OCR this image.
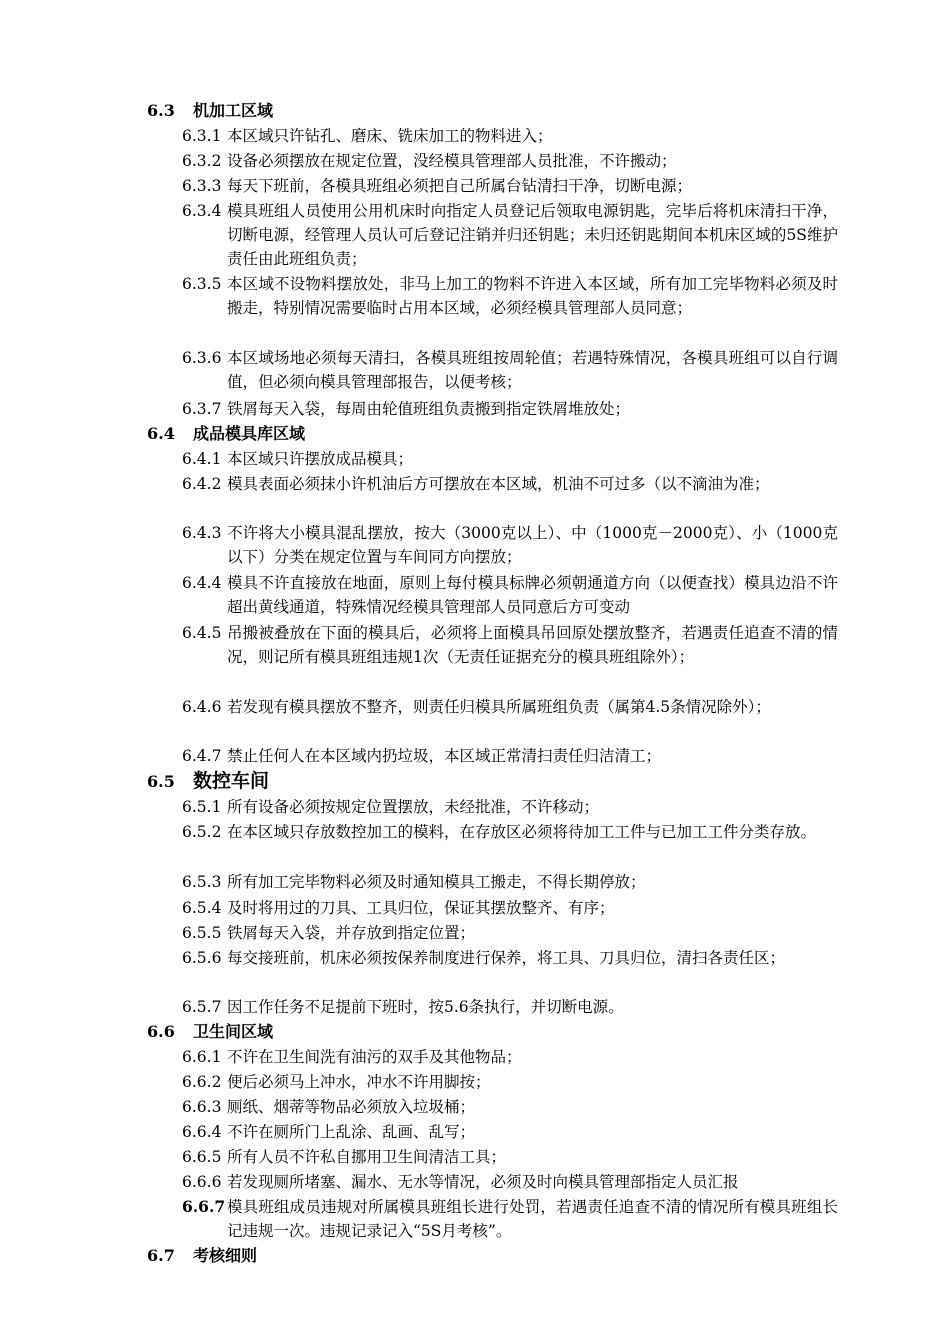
6.3 机加工区域
6.3.1 本区域只许钻孔、磨床、铣床加工的物料进入；
6.3.2 设备必须摆放在规定位置，没经模具管理部人员批准，不许搬动；
6.3.3 每天下班前，各模具班组必须把自己所属台钻清扫干净，切断电源；
6.3.4 模具班组人员使用公用机床时向指定人员登记后领取电源钥匙，完毕后将机床清扫干净，切断电源，经管理人员认可后登记注销并归还钥匙；未归还钥匙期间本机床区域的5S维护责任由此班组负责；
6.3.5 本区域不设物料摆放处，非马上加工的物料不许进入本区域，所有加工完毕物料必须及时搬走，特别情况需要临时占用本区域，必须经模具管理部人员同意；
6.3.6 本区域场地必须每天清扫，各模具班组按周轮值；若遇特殊情况，各模具班组可以自行调值，但必须向模具管理部报告，以便考核；
6.3.7 铁屑每天入袋，每周由轮值班组负责搬到指定铁屑堆放处；
6.4 成品模具库区域
6.4.1 本区域只许摆放成品模具；
6.4.2 模具表面必须抹小许机油后方可摆放在本区域，机油不可过多（以不滴油为准；
6.4.3 不许将大小模具混乱摆放，按大（3000克以上）、中（1000克－2000克）、小（1000克以下）分类在规定位置与车间同方向摆放；
6.4.4 模具不许直接放在地面，原则上每付模具标牌必须朝通道方向（以便查找）模具边沿不许超出黄线通道，特殊情况经模具管理部人员同意后方可变动
6.4.5 吊搬被叠放在下面的模具后，必须将上面模具吊回原处摆放整齐，若遇责任追查不清的情况，则记所有模具班组违规1次（无责任证据充分的模具班组除外）；
6.4.6 若发现有模具摆放不整齐，则责任归模具所属班组负责（属第4.5条情况除外）；
6.4.7 禁止任何人在本区域内扔垃圾，本区域正常清扫责任归洁清工；
6.5 数控车间
6.5.1 所有设备必须按规定位置摆放，未经批准，不许移动；
6.5.2 在本区域只存放数控加工的模料，在存放区必须将待加工工件与已加工工件分类存放。
6.5.3 所有加工完毕物料必须及时通知模具工搬走，不得长期停放；
6.5.4 及时将用过的刀具、工具归位，保证其摆放整齐、有序；
6.5.5 铁屑每天入袋，并存放到指定位置；
6.5.6 每交接班前，机床必须按保养制度进行保养，将工具、刀具归位，清扫各责任区；
6.5.7 因工作任务不足提前下班时，按5.6条执行，并切断电源。
6.6 卫生间区域
6.6.1 不许在卫生间洗有油污的双手及其他物品；
6.6.2 便后必须马上冲水，冲水不许用脚按；
6.6.3 厕纸、烟蒂等物品必须放入垃圾桶；
6.6.4 不许在厕所门上乱涂、乱画、乱写；
6.6.5 所有人员不许私自挪用卫生间清洁工具；
6.6.6 若发现厕所堵塞、漏水、无水等情况，必须及时向模具管理部指定人员汇报
6.6.7 模具班组成员违规对所属模具班组长进行处罚，若遇责任追查不清的情况所有模具班组长记违规一次。违规记录记入“5S月考核”。
6.7 考核细则
